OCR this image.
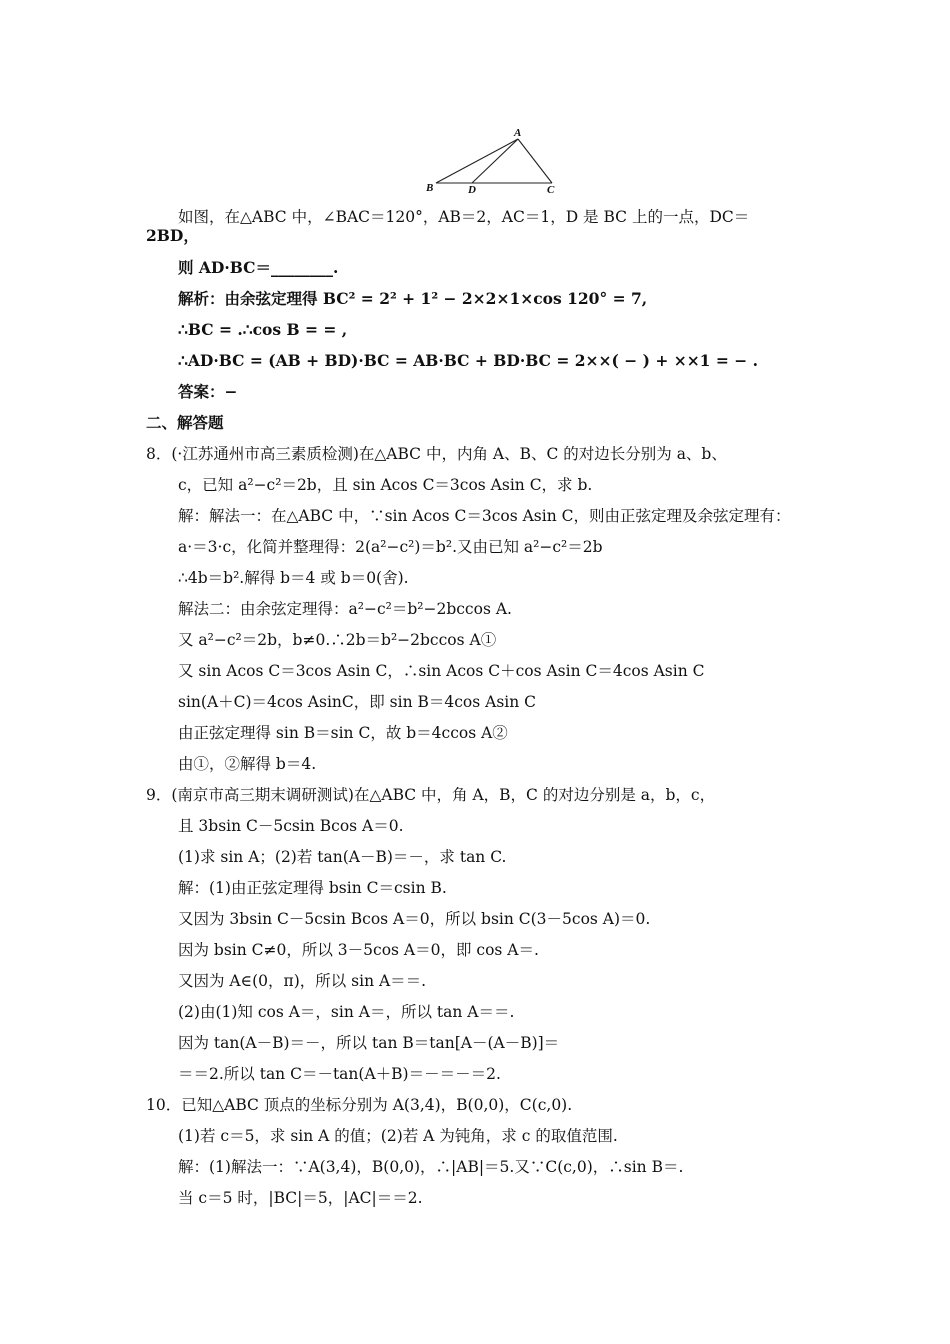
A
B	D	C
如图，在△ABC 中，∠BAC＝120°，AB＝2，AC＝1，D 是 BC 上的一点，DC＝
2BD，
则 AD·BC＝________.
解析：由余弦定理得 BC² = 2² + 1² − 2×2×1×cos 120° = 7,
∴BC = .∴cos B = = ,
∴AD·BC = (AB + BD)·BC = AB·BC + BD·BC = 2××( − ) + ××1 = − .
答案：−
二、解答题
8．(·江苏通州市高三素质检测)在△ABC 中，内角 A、B、C 的对边长分别为 a、b、
c，已知 a²−c²＝2b，且 sin Acos C＝3cos Asin C，求 b.
解：解法一：在△ABC 中，∵sin Acos C＝3cos Asin C，则由正弦定理及余弦定理有：
a·＝3·c，化简并整理得：2(a²−c²)＝b².又由已知 a²−c²＝2b
∴4b＝b².解得 b＝4 或 b＝0(舍).
解法二：由余弦定理得：a²−c²＝b²−2bccos A.
又 a²−c²＝2b，b≠0.∴2b＝b²−2bccos A①
又 sin Acos C＝3cos Asin C，∴sin Acos C＋cos Asin C＝4cos Asin C
sin(A＋C)＝4cos AsinC，即 sin B＝4cos Asin C
由正弦定理得 sin B＝sin C，故 b＝4ccos A②
由①，②解得 b＝4.
9．(南京市高三期末调研测试)在△ABC 中，角 A，B，C 的对边分别是 a，b，c，
且 3bsin C－5csin Bcos A＝0.
(1)求 sin A；(2)若 tan(A－B)＝－，求 tan C.
解：(1)由正弦定理得 bsin C＝csin B.
又因为 3bsin C－5csin Bcos A＝0，所以 bsin C(3－5cos A)＝0.
因为 bsin C≠0，所以 3－5cos A＝0，即 cos A＝.
又因为 A∈(0，π)，所以 sin A＝＝.
(2)由(1)知 cos A＝，sin A＝，所以 tan A＝＝.
因为 tan(A－B)＝－，所以 tan B＝tan[A－(A－B)]＝
＝＝2.所以 tan C＝－tan(A＋B)＝－＝－＝2.
10．已知△ABC 顶点的坐标分别为 A(3,4)，B(0,0)，C(c,0).
(1)若 c＝5，求 sin A 的值；(2)若 A 为钝角，求 c 的取值范围.
解：(1)解法一：∵A(3,4)，B(0,0)，∴|AB|＝5.又∵C(c,0)，∴sin B＝.
当 c＝5 时，|BC|＝5，|AC|＝＝2.
